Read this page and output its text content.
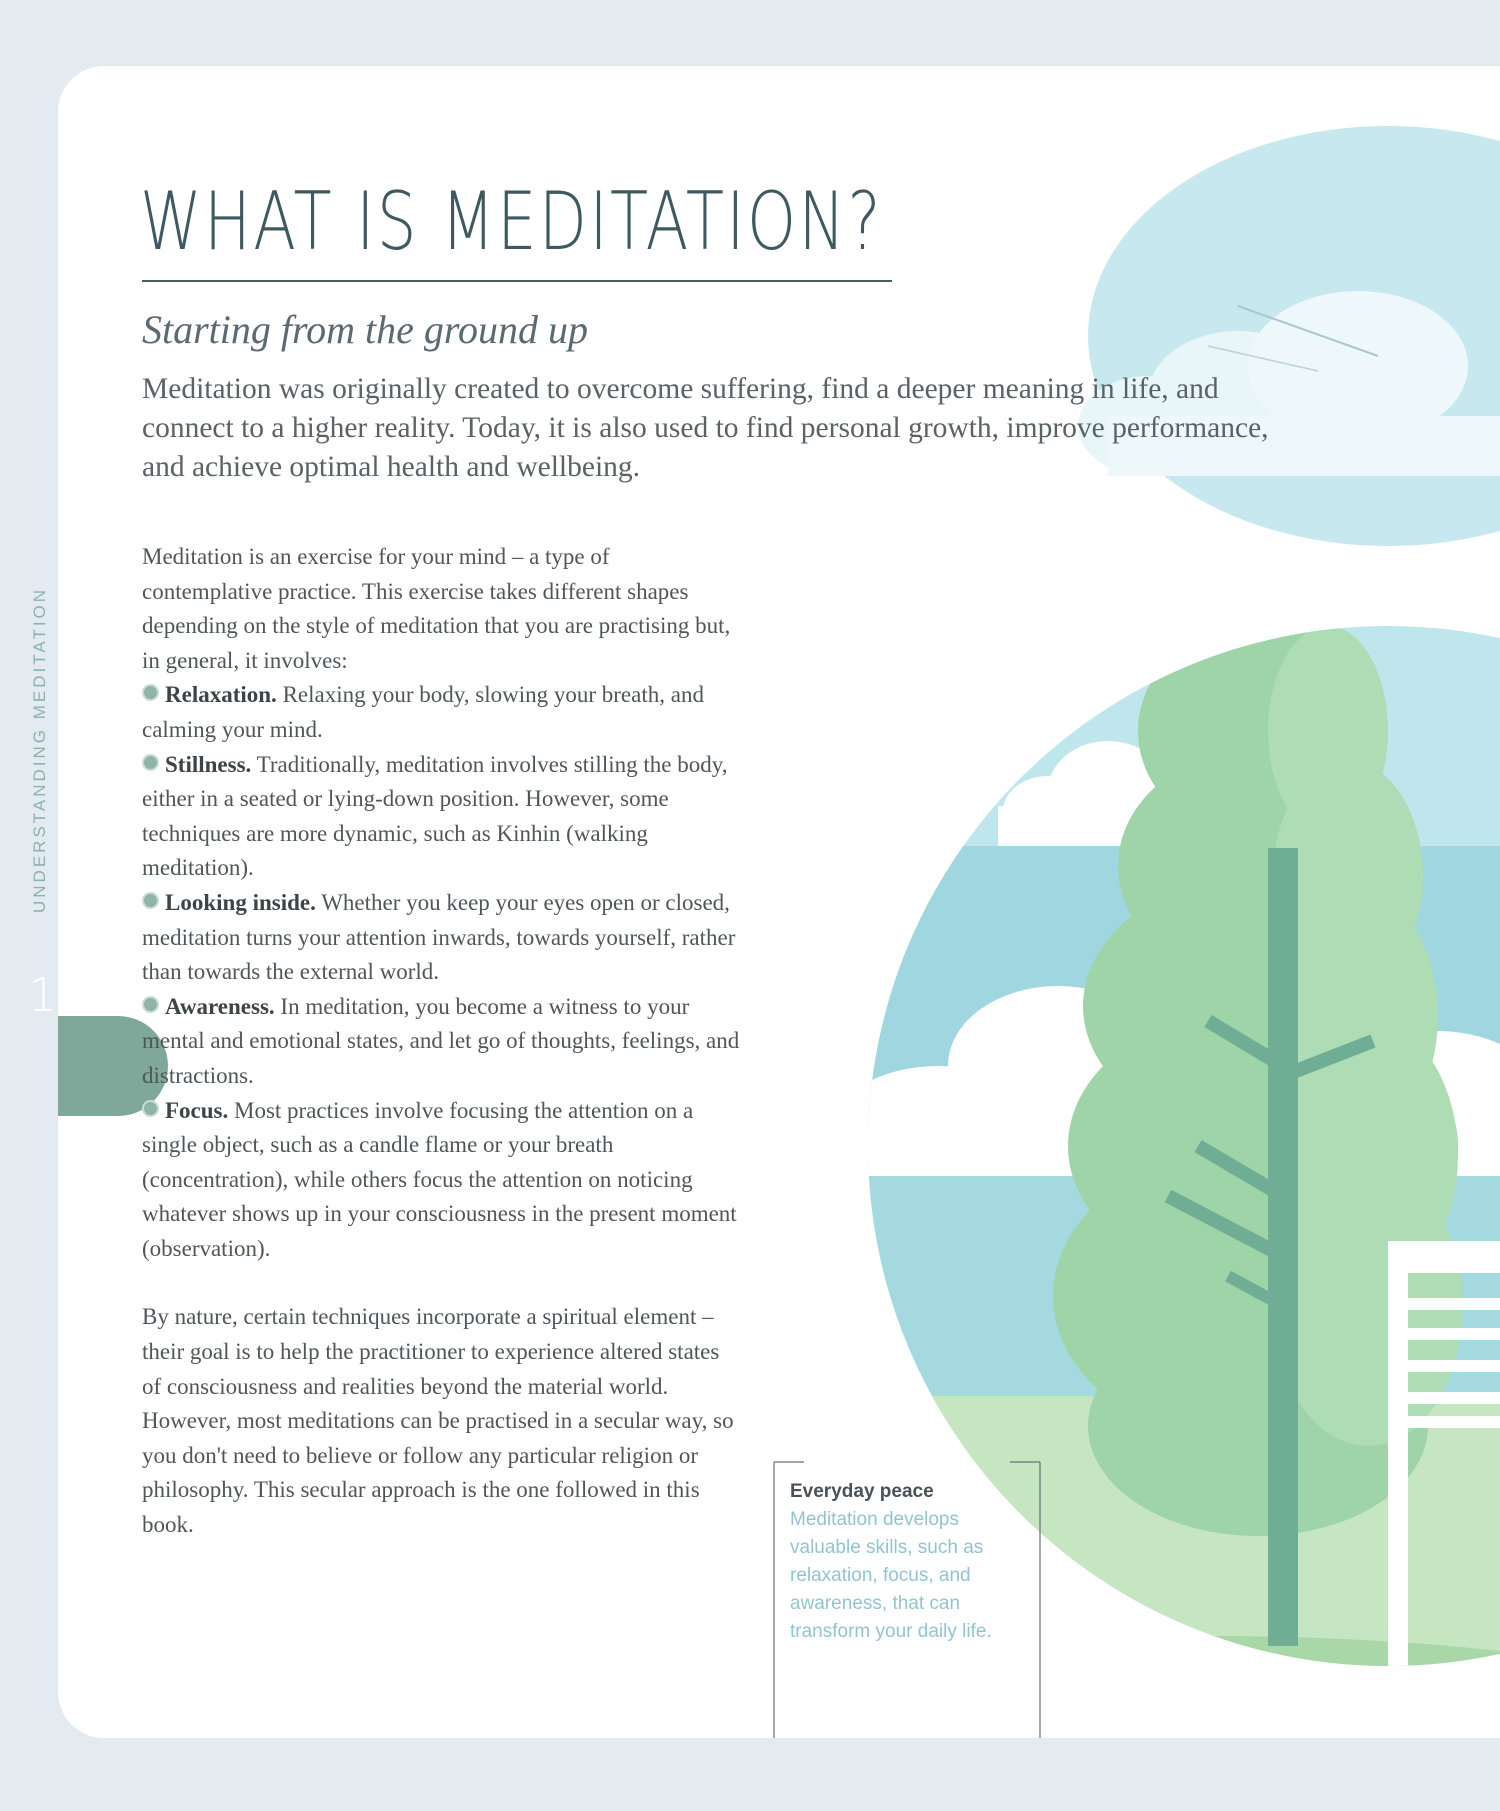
UNDERSTANDING MEDITATION
10
WHAT IS MEDITATION?
Starting from the ground up
Meditation was originally created to overcome suffering, find a deeper meaning in life, and connect to a higher reality. Today, it is also used to find personal growth, improve performance, and achieve optimal health and wellbeing.

Meditation is an exercise for your mind – a type of contemplative practice. This exercise takes different shapes depending on the style of meditation that you are practising but, in general, it involves:

Relaxation. Relaxing your body, slowing your breath, and calming your mind.

Stillness. Traditionally, meditation involves stilling the body, either in a seated or lying-down position. However, some techniques are more dynamic, such as Kinhin (walking meditation).

Looking inside. Whether you keep your eyes open or closed, meditation turns your attention inwards, towards yourself, rather than towards the external world.

Awareness. In meditation, you become a witness to your mental and emotional states, and let go of thoughts, feelings, and distractions.

Focus. Most practices involve focusing the attention on a single object, such as a candle flame or your breath (concentration), while others focus the attention on noticing whatever shows up in your consciousness in the present moment (observation).

By nature, certain techniques incorporate a spiritual element – their goal is to help the practitioner to experience altered states of consciousness and realities beyond the material world. However, most meditations can be practised in a secular way, so you don't need to believe or follow any particular religion or philosophy. This secular approach is the one followed in this book.

Everyday peace
Meditation develops valuable skills, such as relaxation, focus, and awareness, that can transform your daily life.
